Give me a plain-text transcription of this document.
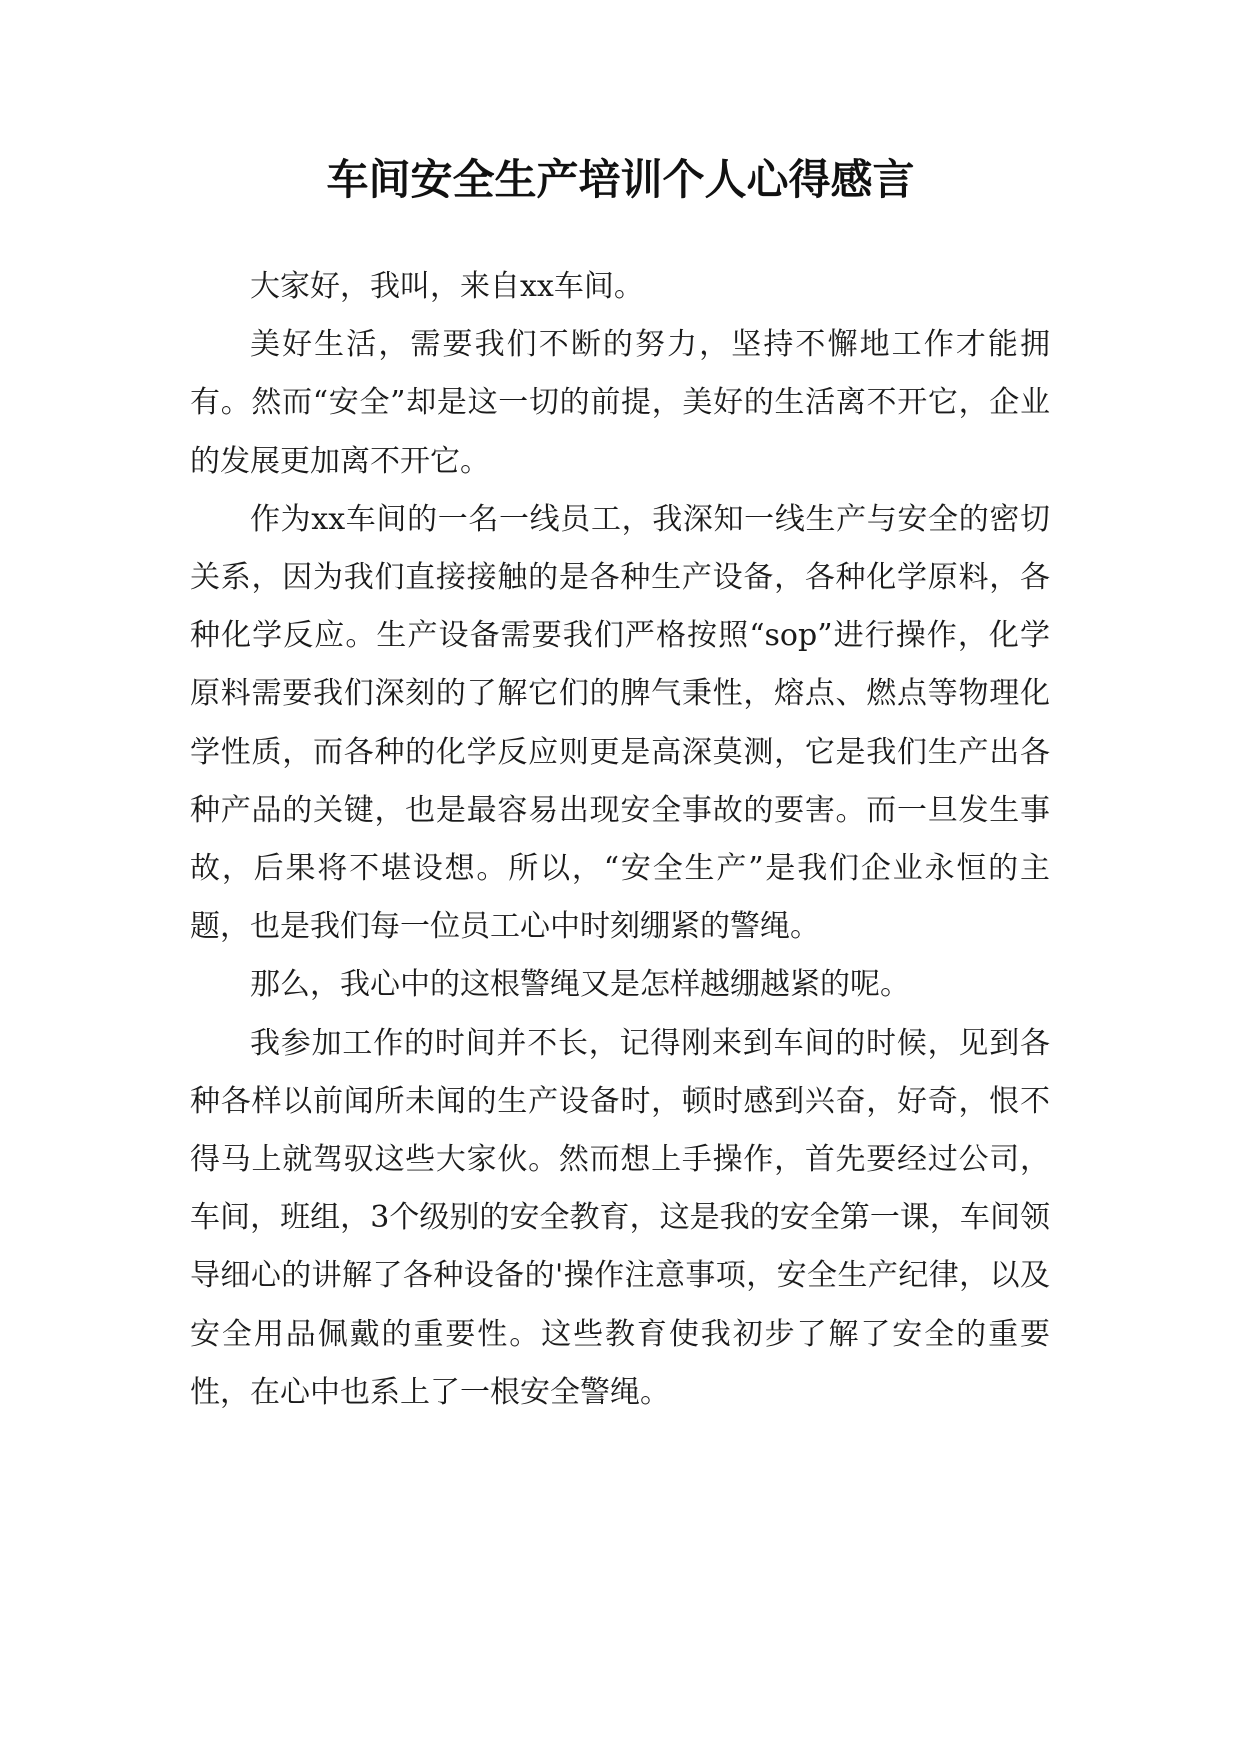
车间安全生产培训个人心得感言

大家好，我叫，来自xx车间。

美好生活，需要我们不断的努力，坚持不懈地工作才能拥有。然而“安全”却是这一切的前提，美好的生活离不开它，企业的发展更加离不开它。

作为xx车间的一名一线员工，我深知一线生产与安全的密切关系，因为我们直接接触的是各种生产设备，各种化学原料，各种化学反应。生产设备需要我们严格按照“sop”进行操作，化学原料需要我们深刻的了解它们的脾气秉性，熔点、燃点等物理化学性质，而各种的化学反应则更是高深莫测，它是我们生产出各种产品的关键，也是最容易出现安全事故的要害。而一旦发生事故，后果将不堪设想。所以，“安全生产”是我们企业永恒的主题，也是我们每一位员工心中时刻绷紧的警绳。

那么，我心中的这根警绳又是怎样越绷越紧的呢。

我参加工作的时间并不长，记得刚来到车间的时候，见到各种各样以前闻所未闻的生产设备时，顿时感到兴奋，好奇，恨不得马上就驾驭这些大家伙。然而想上手操作，首先要经过公司，车间，班组，3个级别的安全教育，这是我的安全第一课，车间领导细心的讲解了各种设备的'操作注意事项，安全生产纪律，以及安全用品佩戴的重要性。这些教育使我初步了解了安全的重要性，在心中也系上了一根安全警绳。
